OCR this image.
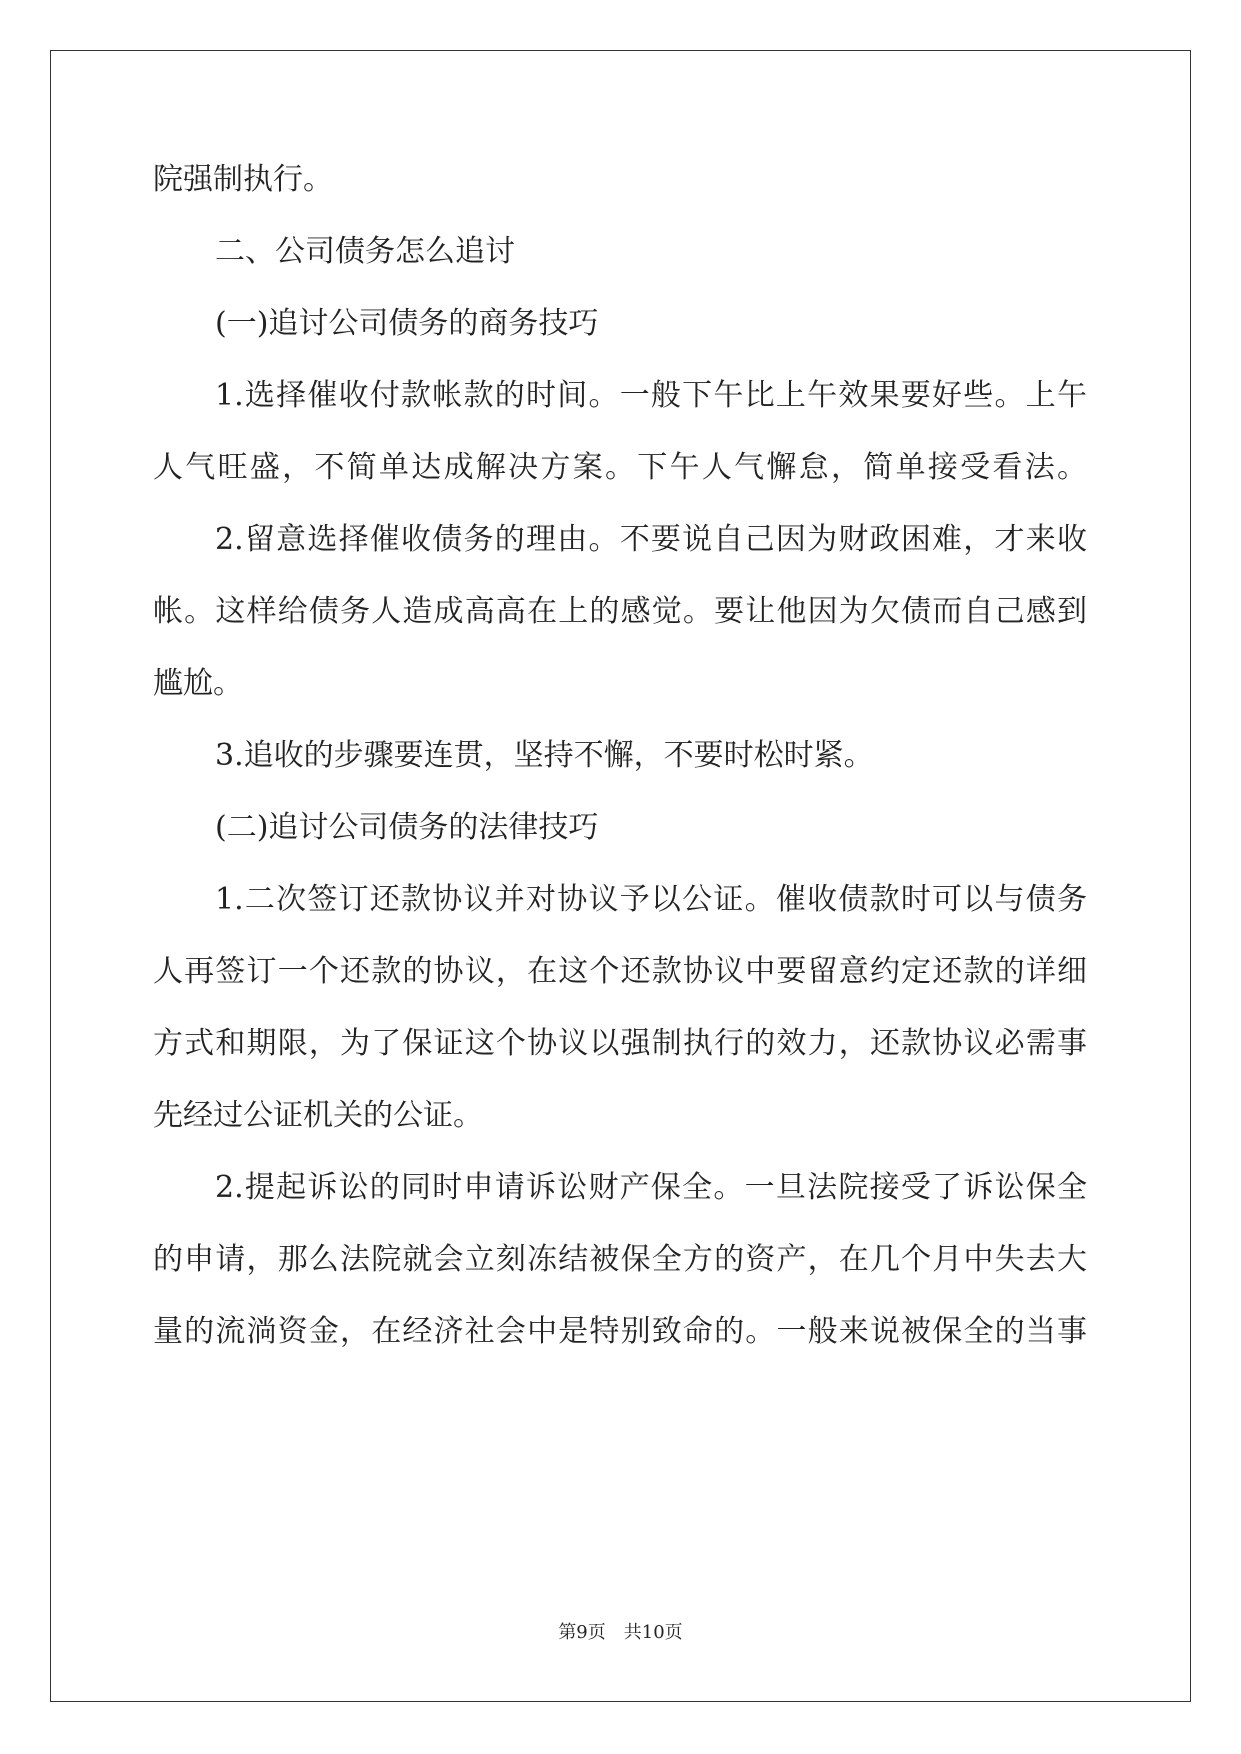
院强制执行。
二、公司债务怎么追讨
(一)追讨公司债务的商务技巧
1.选择催收付款帐款的时间。一般下午比上午效果要好些。上午
人气旺盛，不简单达成解决方案。下午人气懈怠，简单接受看法。
2.留意选择催收债务的理由。不要说自己因为财政困难，才来收
帐。这样给债务人造成高高在上的感觉。要让他因为欠债而自己感到
尴尬。
3.追收的步骤要连贯，坚持不懈，不要时松时紧。
(二)追讨公司债务的法律技巧
1.二次签订还款协议并对协议予以公证。催收债款时可以与债务
人再签订一个还款的协议，在这个还款协议中要留意约定还款的详细
方式和期限，为了保证这个协议以强制执行的效力，还款协议必需事
先经过公证机关的公证。
2.提起诉讼的同时申请诉讼财产保全。一旦法院接受了诉讼保全
的申请，那么法院就会立刻冻结被保全方的资产，在几个月中失去大
量的流淌资金，在经济社会中是特别致命的。一般来说被保全的当事
第9页　共10页
